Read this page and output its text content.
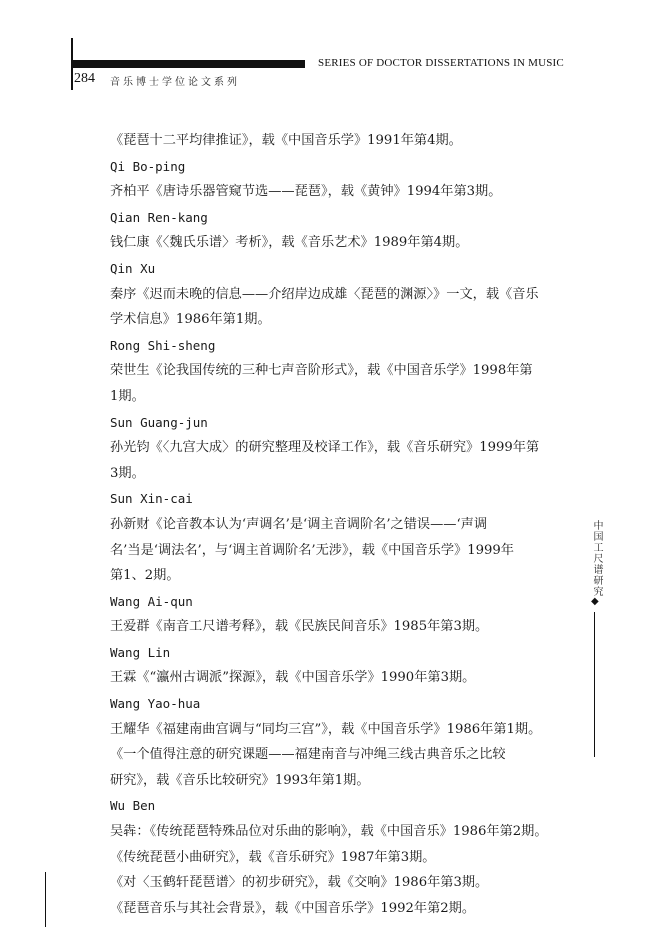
SERIES OF DOCTOR DISSERTATIONS IN MUSIC
284 音乐博士学位论文系列
中国工尺谱研究
◆
《琵琶十二平均律推证》，载《中国音乐学》1991年第4期。
Qi Bo-ping
齐柏平《唐诗乐器管窥节选——琵琶》，载《黄钟》1994年第3期。
Qian Ren-kang
钱仁康《〈魏氏乐谱〉考析》，载《音乐艺术》1989年第4期。
Qin Xu
秦序《迟而未晚的信息——介绍岸边成雄〈琵琶的渊源〉》一文，载《音乐
学术信息》1986年第1期。
Rong Shi-sheng
荣世生《论我国传统的三种七声音阶形式》，载《中国音乐学》1998年第
1期。
Sun Guang-jun
孙光钧《〈九宫大成〉的研究整理及校译工作》，载《音乐研究》1999年第
3期。
Sun Xin-cai
孙新财《论音教本认为‘声调名’是‘调主音调阶名’之错误——‘声调
名’当是‘调法名’，与‘调主首调阶名’无涉》，载《中国音乐学》1999年
第1、2期。
Wang Ai-qun
王爱群《南音工尺谱考释》，载《民族民间音乐》1985年第3期。
Wang Lin
王霖《“瀛州古调派”探源》，载《中国音乐学》1990年第3期。
Wang Yao-hua
王耀华《福建南曲宫调与“同均三宫”》，载《中国音乐学》1986年第1期。
《一个值得注意的研究课题——福建南音与冲绳三线古典音乐之比较
研究》，载《音乐比较研究》1993年第1期。
Wu Ben
吴犇：《传统琵琶特殊品位对乐曲的影响》，载《中国音乐》1986年第2期。
《传统琵琶小曲研究》，载《音乐研究》1987年第3期。
《对〈玉鹤轩琵琶谱〉的初步研究》，载《交响》1986年第3期。
《琵琶音乐与其社会背景》，载《中国音乐学》1992年第2期。
